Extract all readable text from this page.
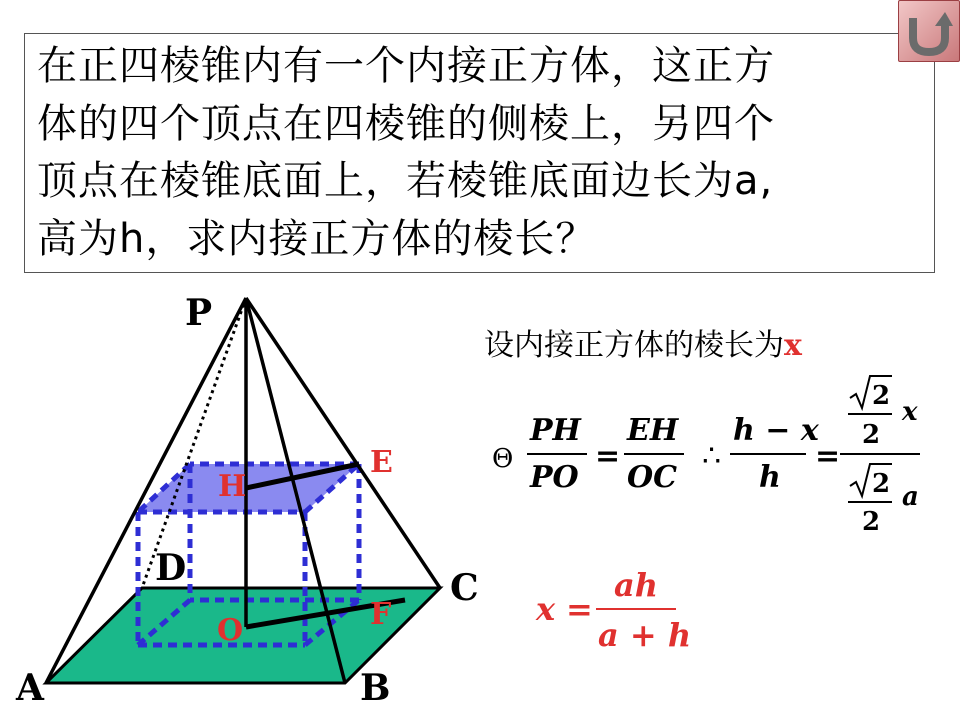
在正四棱锥内有一个内接正方体，这正方
体的四个顶点在四棱锥的侧棱上，另四个
顶点在棱锥底面上，若棱锥底面边长为a,
高为h，求内接正方体的棱长？

P
A	B
C
D
E
F
H
O
Θ
PH
PO
=
EH
OC
∴
h − x
h
=
2
x
2
2 a
2
x =
ah
a + h

设内接正方体的棱长为x
